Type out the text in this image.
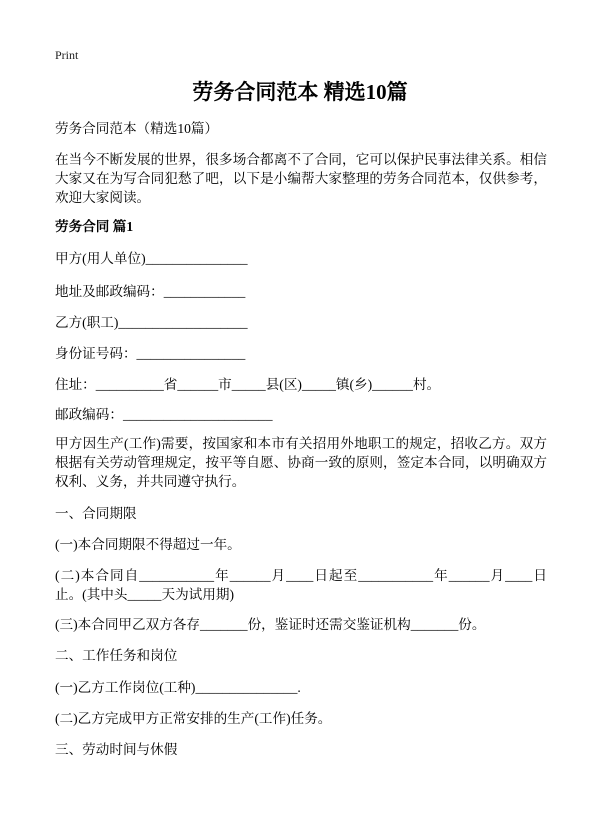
Print
劳务合同范本 精选10篇
劳务合同范本（精选10篇）
在当今不断发展的世界，很多场合都离不了合同，它可以保护民事法律关系。相信
大家又在为写合同犯愁了吧，以下是小编帮大家整理的劳务合同范本，仅供参考，
欢迎大家阅读。
劳务合同 篇1
甲方(用人单位)_______________
地址及邮政编码：____________
乙方(职工)___________________
身份证号码：________________
住址：__________省______市_____县(区)_____镇(乡)______村。
邮政编码：______________________
甲方因生产(工作)需要，按国家和本市有关招用外地职工的规定，招收乙方。双方
根据有关劳动管理规定，按平等自愿、协商一致的原则，签定本合同，以明确双方
权利、义务，并共同遵守执行。
一、合同期限
(一)本合同期限不得超过一年。
(二)本合同自___________年______月____日起至___________年______月____日
止。(其中头_____天为试用期)
(三)本合同甲乙双方各存_______份，鉴证时还需交鉴证机构_______份。
二、工作任务和岗位
(一)乙方工作岗位(工种)_______________.
(二)乙方完成甲方正常安排的生产(工作)任务。
三、劳动时间与休假
